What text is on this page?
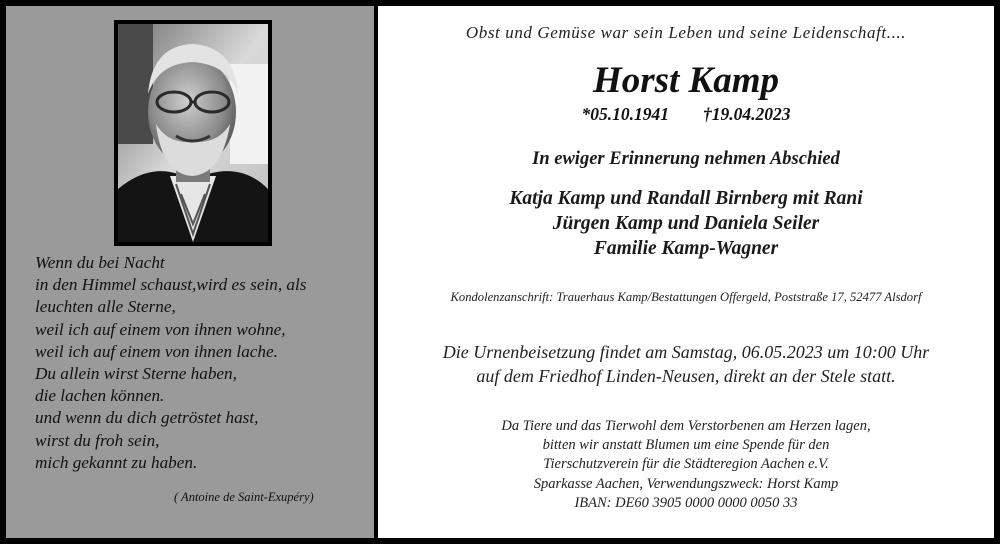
Wenn du bei Nacht
in den Himmel schaust,wird es sein, als
leuchten alle Sterne,
weil ich auf einem von ihnen wohne,
weil ich auf einem von ihnen lache.
Du allein wirst Sterne haben,
die lachen können.
und wenn du dich getröstet hast,
wirst du froh sein,
mich gekannt zu haben.
( Antoine de Saint-Exupéry)
Obst und Gemüse war sein Leben und seine Leidenschaft....
Horst Kamp
*05.10.1941 †19.04.2023
In ewiger Erinnerung nehmen Abschied
Katja Kamp und Randall Birnberg mit Rani
Jürgen Kamp und Daniela Seiler
Familie Kamp-Wagner
Kondolenzanschrift: Trauerhaus Kamp/Bestattungen Offergeld, Poststraße 17, 52477 Alsdorf
Die Urnenbeisetzung findet am Samstag, 06.05.2023 um 10:00 Uhr
auf dem Friedhof Linden-Neusen, direkt an der Stele statt.
Da Tiere und das Tierwohl dem Verstorbenen am Herzen lagen,
bitten wir anstatt Blumen um eine Spende für den
Tierschutzverein für die Städteregion Aachen e.V.
Sparkasse Aachen, Verwendungszweck: Horst Kamp
IBAN: DE60 3905 0000 0000 0050 33
